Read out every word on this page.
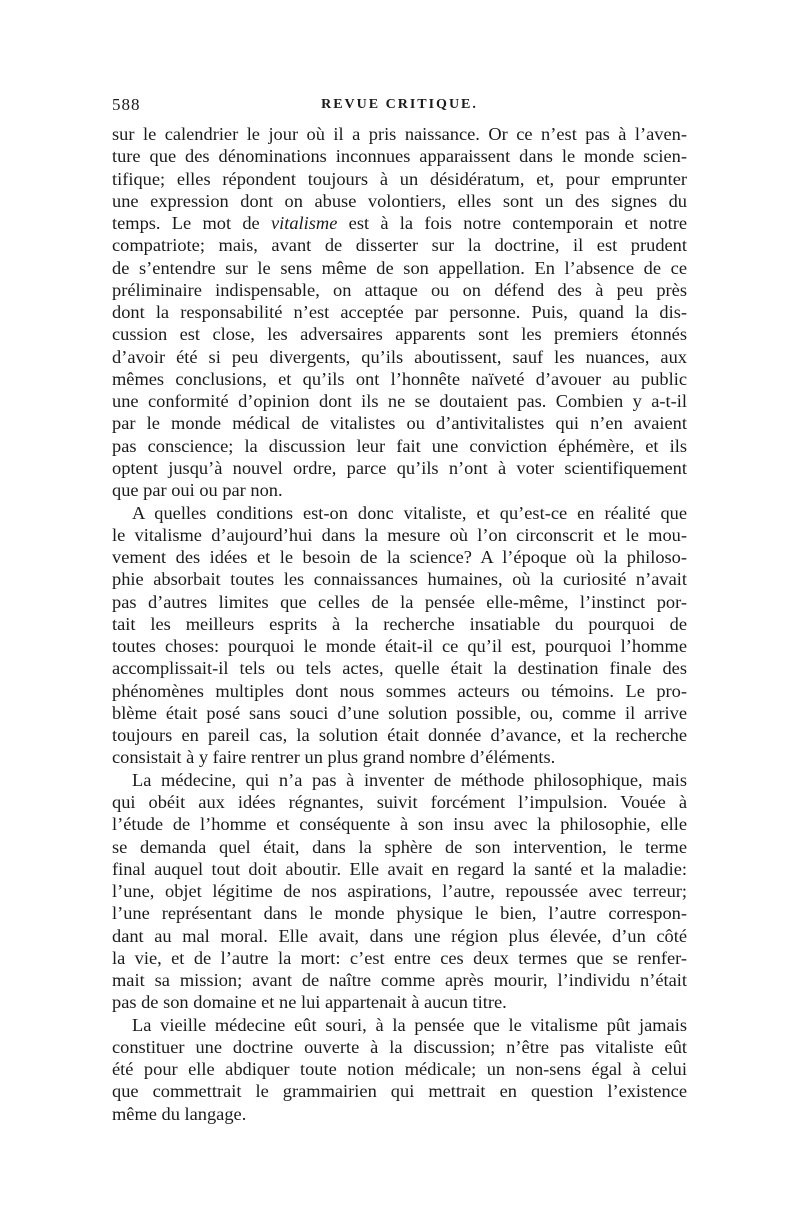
588	REVUE CRITIQUE.
sur le calendrier le jour où il a pris naissance. Or ce n’est pas à l’aven-
ture que des dénominations inconnues apparaissent dans le monde scien-
tifique; elles répondent toujours à un désidératum, et, pour emprunter
une expression dont on abuse volontiers, elles sont un des signes du
temps. Le mot de vitalisme est à la fois notre contemporain et notre
compatriote; mais, avant de disserter sur la doctrine, il est prudent
de s’entendre sur le sens même de son appellation. En l’absence de ce
préliminaire indispensable, on attaque ou on défend des à peu près
dont la responsabilité n’est acceptée par personne. Puis, quand la dis-
cussion est close, les adversaires apparents sont les premiers étonnés
d’avoir été si peu divergents, qu’ils aboutissent, sauf les nuances, aux
mêmes conclusions, et qu’ils ont l’honnête naïveté d’avouer au public
une conformité d’opinion dont ils ne se doutaient pas. Combien y a-t-il
par le monde médical de vitalistes ou d’antivitalistes qui n’en avaient
pas conscience; la discussion leur fait une conviction éphémère, et ils
optent jusqu’à nouvel ordre, parce qu’ils n’ont à voter scientifiquement
que par oui ou par non.
A quelles conditions est-on donc vitaliste, et qu’est-ce en réalité que
le vitalisme d’aujourd’hui dans la mesure où l’on circonscrit et le mou-
vement des idées et le besoin de la science? A l’époque où la philoso-
phie absorbait toutes les connaissances humaines, où la curiosité n’avait
pas d’autres limites que celles de la pensée elle-même, l’instinct por-
tait les meilleurs esprits à la recherche insatiable du pourquoi de
toutes choses: pourquoi le monde était-il ce qu’il est, pourquoi l’homme
accomplissait-il tels ou tels actes, quelle était la destination finale des
phénomènes multiples dont nous sommes acteurs ou témoins. Le pro-
blème était posé sans souci d’une solution possible, ou, comme il arrive
toujours en pareil cas, la solution était donnée d’avance, et la recherche
consistait à y faire rentrer un plus grand nombre d’éléments.
La médecine, qui n’a pas à inventer de méthode philosophique, mais
qui obéit aux idées régnantes, suivit forcément l’impulsion. Vouée à
l’étude de l’homme et conséquente à son insu avec la philosophie, elle
se demanda quel était, dans la sphère de son intervention, le terme
final auquel tout doit aboutir. Elle avait en regard la santé et la maladie:
l’une, objet légitime de nos aspirations, l’autre, repoussée avec terreur;
l’une représentant dans le monde physique le bien, l’autre correspon-
dant au mal moral. Elle avait, dans une région plus élevée, d’un côté
la vie, et de l’autre la mort: c’est entre ces deux termes que se renfer-
mait sa mission; avant de naître comme après mourir, l’individu n’était
pas de son domaine et ne lui appartenait à aucun titre.
La vieille médecine eût souri, à la pensée que le vitalisme pût jamais
constituer une doctrine ouverte à la discussion; n’être pas vitaliste eût
été pour elle abdiquer toute notion médicale; un non-sens égal à celui
que commettrait le grammairien qui mettrait en question l’existence
même du langage.
